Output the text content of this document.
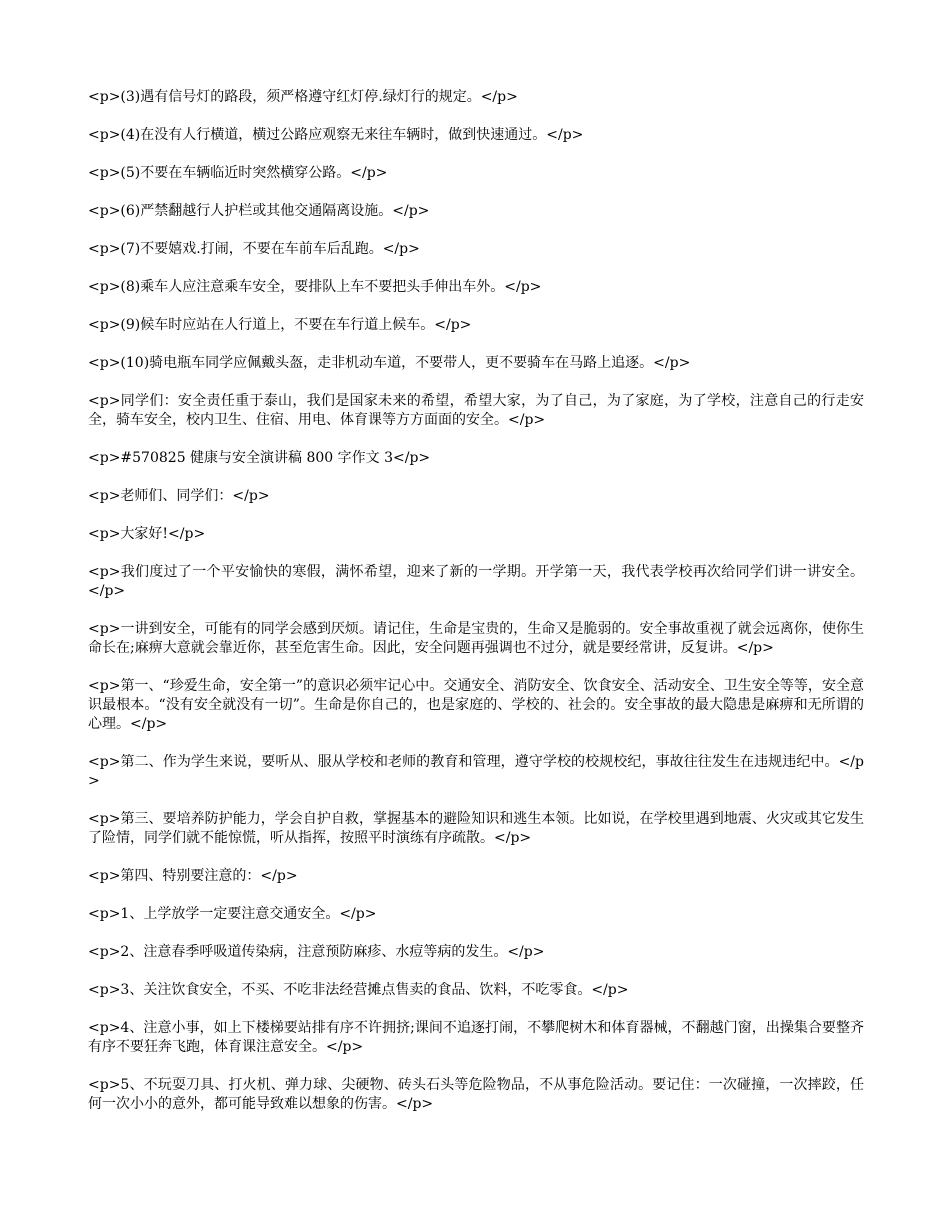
<p>(3)遇有信号灯的路段，须严格遵守红灯停.绿灯行的规定。</p>

<p>(4)在没有人行横道，横过公路应观察无来往车辆时，做到快速通过。</p>

<p>(5)不要在车辆临近时突然横穿公路。</p>

<p>(6)严禁翻越行人护栏或其他交通隔离设施。</p>

<p>(7)不要嬉戏.打闹，不要在车前车后乱跑。</p>

<p>(8)乘车人应注意乘车安全，要排队上车不要把头手伸出车外。</p>

<p>(9)候车时应站在人行道上，不要在车行道上候车。</p>

<p>(10)骑电瓶车同学应佩戴头盔，走非机动车道，不要带人，更不要骑车在马路上追逐。</p>

<p>同学们：安全责任重于泰山，我们是国家未来的希望，希望大家，为了自己，为了家庭，为了学校，注意自己的行走安全，骑车安全，校内卫生、住宿、用电、体育课等方方面面的安全。</p>

<p>#570825 健康与安全演讲稿 800 字作文 3</p>

<p>老师们、同学们：</p>

<p>大家好!</p>

<p>我们度过了一个平安愉快的寒假，满怀希望，迎来了新的一学期。开学第一天，我代表学校再次给同学们讲一讲安全。</p>

<p>一讲到安全，可能有的同学会感到厌烦。请记住，生命是宝贵的，生命又是脆弱的。安全事故重视了就会远离你，使你生命长在;麻痹大意就会靠近你，甚至危害生命。因此，安全问题再强调也不过分，就是要经常讲，反复讲。</p>

<p>第一、“珍爱生命，安全第一”的意识必须牢记心中。交通安全、消防安全、饮食安全、活动安全、卫生安全等等，安全意识最根本。“没有安全就没有一切”。生命是你自己的，也是家庭的、学校的、社会的。安全事故的最大隐患是麻痹和无所谓的心理。</p>

<p>第二、作为学生来说，要听从、服从学校和老师的教育和管理，遵守学校的校规校纪，事故往往发生在违规违纪中。</p>

<p>第三、要培养防护能力，学会自护自救，掌握基本的避险知识和逃生本领。比如说，在学校里遇到地震、火灾或其它发生了险情，同学们就不能惊慌，听从指挥，按照平时演练有序疏散。</p>

<p>第四、特别要注意的：</p>

<p>1、上学放学一定要注意交通安全。</p>

<p>2、注意春季呼吸道传染病，注意预防麻疹、水痘等病的发生。</p>

<p>3、关注饮食安全，不买、不吃非法经营摊点售卖的食品、饮料，不吃零食。</p>

<p>4、注意小事，如上下楼梯要站排有序不许拥挤;课间不追逐打闹，不攀爬树木和体育器械，不翻越门窗，出操集合要整齐有序不要狂奔飞跑，体育课注意安全。</p>

<p>5、不玩耍刀具、打火机、弹力球、尖硬物、砖头石头等危险物品，不从事危险活动。要记住：一次碰撞，一次摔跤，任何一次小小的意外，都可能导致难以想象的伤害。</p>
